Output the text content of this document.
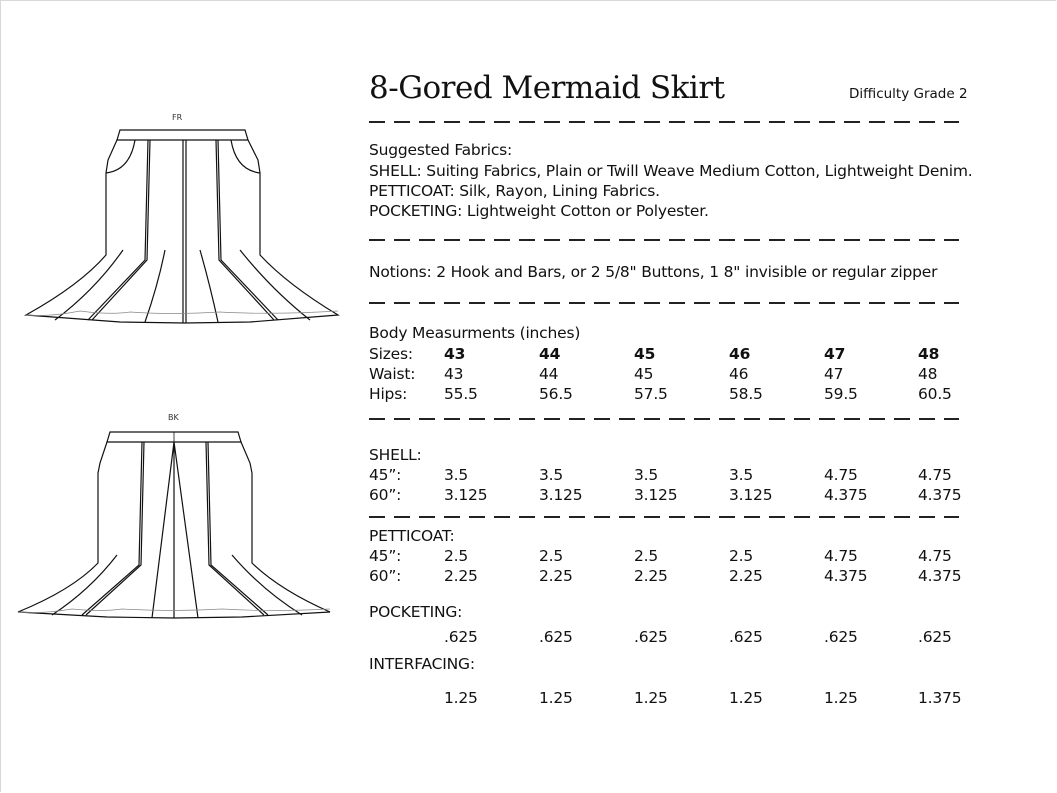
FR
BK
8-Gored Mermaid Skirt	Difficulty Grade 2
Suggested Fabrics:
SHELL: Suiting Fabrics, Plain or Twill Weave Medium Cotton, Lightweight Denim.
PETTICOAT: Silk, Rayon, Lining Fabrics.
POCKETING: Lightweight Cotton or Polyester.
Notions: 2 Hook and Bars, or 2 5/8" Buttons, 1 8" invisible or regular zipper
Body Measurments (inches)
Sizes: 43	44	45	46	47	48
Waist: 43	44	45	46	47	48
Hips: 55.5	56.5	57.5	58.5	59.5	60.5
SHELL:
45”:	3.5	3.5	3.5	3.5	4.75	4.75
60”:	3.125	3.125	3.125	3.125	4.375	4.375
PETTICOAT:
45”:	2.5	2.5	2.5	2.5	4.75	4.75
60”:	2.25	2.25	2.25	2.25	4.375	4.375
POCKETING:
.625	.625	.625	.625	.625	.625
INTERFACING:
1.25	1.25	1.25	1.25	1.25	1.375
